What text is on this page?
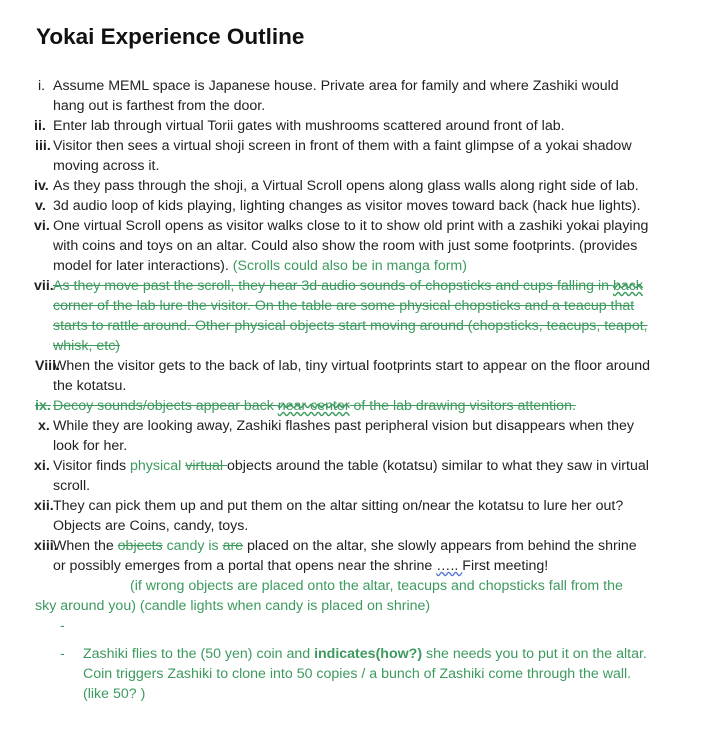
Yokai Experience Outline
i. Assume MEML space is Japanese house. Private area for family and where Zashiki would hang out is farthest from the door.
ii. Enter lab through virtual Torii gates with mushrooms scattered around front of lab.
iii. Visitor then sees a virtual shoji screen in front of them with a faint glimpse of a yokai shadow moving across it.
iv. As they pass through the shoji, a Virtual Scroll opens along glass walls along right side of lab.
v. 3d audio loop of kids playing, lighting changes as visitor moves toward back (hack hue lights).
vi. One virtual Scroll opens as visitor walks close to it to show old print with a zashiki yokai playing with coins and toys on an altar. Could also show the room with just some footprints. (provides model for later interactions). (Scrolls could also be in manga form)
vii. As they move past the scroll, they hear 3d audio sounds of chopsticks and cups falling in back corner of the lab lure the visitor. On the table are some physical chopsticks and a teacup that starts to rattle around. Other physical objects start moving around (chopsticks, teacups, teapot, whisk, etc)
Viii.
When the visitor gets to the back of lab, tiny virtual footprints start to appear on the floor around the kotatsu.
ix. Decoy sounds/objects appear back near center of the lab drawing visitors attention.
x. While they are looking away, Zashiki flashes past peripheral vision but disappears when they look for her.
xi. Visitor finds physical virtual objects around the table (kotatsu) similar to what they saw in virtual scroll.
xii. They can pick them up and put them on the altar sitting on/near the kotatsu to lure her out? Objects are Coins, candy, toys.
xiii.
When the objects candy is are placed on the altar, she slowly appears from behind the shrine or possibly emerges from a portal that opens near the shrine ….. First meeting!
(if wrong objects are placed onto the altar, teacups and chopsticks fall from the
sky around you) (candle lights when candy is placed on shrine)
-
- Zashiki flies to the (50 yen) coin and indicates(how?) she needs you to put it on the altar. Coin triggers Zashiki to clone into 50 copies / a bunch of Zashiki come through the wall. (like 50? )
